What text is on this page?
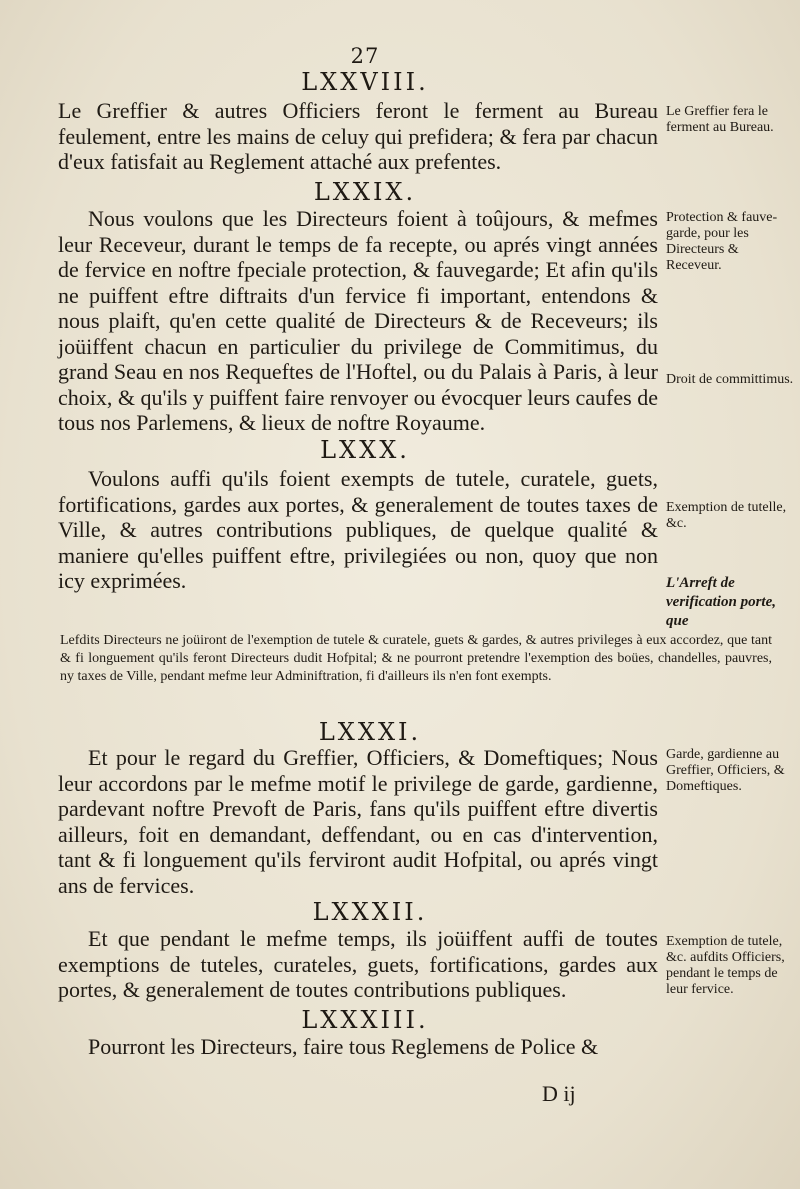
27
LXXVIII.

Le Greffier & autres Officiers feront le ferment au Bureau feulement, entre les mains de celuy qui prefidera; & fera par chacun d'eux fatisfait au Reglement attaché aux prefentes.

Le Greffier fera le ferment au Bureau.
LXXIX.

Nous voulons que les Directeurs foient à toûjours, & mefmes leur Receveur, durant le temps de fa recepte, ou aprés vingt années de fervice en noftre fpeciale protection, & fauvegarde; Et afin qu'ils ne puiffent eftre diftraits d'un fervice fi important, entendons & nous plaift, qu'en cette qualité de Directeurs & de Receveurs; ils joüiffent chacun en particulier du privilege de Commitimus, du grand Seau en nos Requeftes de l'Hoftel, ou du Palais à Paris, à leur choix, & qu'ils y puiffent faire renvoyer ou évocquer leurs caufes de tous nos Parlemens, & lieux de noftre Royaume.

Protection & fauve-garde, pour les Directeurs & Receveur.
Droit de committimus.
LXXX.

Voulons auffi qu'ils foient exempts de tutele, curatele, guets, fortifications, gardes aux portes, & generalement de toutes taxes de Ville, & autres contributions publiques, de quelque qualité & maniere qu'elles puiffent eftre, privilegiées ou non, quoy que non icy exprimées.

Exemption de tutelle, &c.
L'Arreft de verification porte, que
Lefdits Directeurs ne joüiront de l'exemption de tutele & curatele, guets & gardes, & autres privileges à eux accordez, que tant & fi longuement qu'ils feront Directeurs dudit Hofpital; & ne pourront pretendre l'exemption des boües, chandelles, pauvres, ny taxes de Ville, pendant mefme leur Adminiftration, fi d'ailleurs ils n'en font exempts.
LXXXI.

Et pour le regard du Greffier, Officiers, & Domeftiques; Nous leur accordons par le mefme motif le privilege de garde, gardienne, pardevant noftre Prevoft de Paris, fans qu'ils puiffent eftre divertis ailleurs, foit en demandant, deffendant, ou en cas d'intervention, tant & fi longuement qu'ils ferviront audit Hofpital, ou aprés vingt ans de fervices.

Garde, gardienne au Greffier, Officiers, & Domeftiques.
LXXXII.

Et que pendant le mefme temps, ils joüiffent auffi de toutes exemptions de tuteles, curateles, guets, fortifications, gardes aux portes, & generalement de toutes contributions publiques.

Exemption de tutele, &c. aufdits Officiers, pendant le temps de leur fervice.
LXXXIII.

Pourront les Directeurs, faire tous Reglemens de Police &

D ij
